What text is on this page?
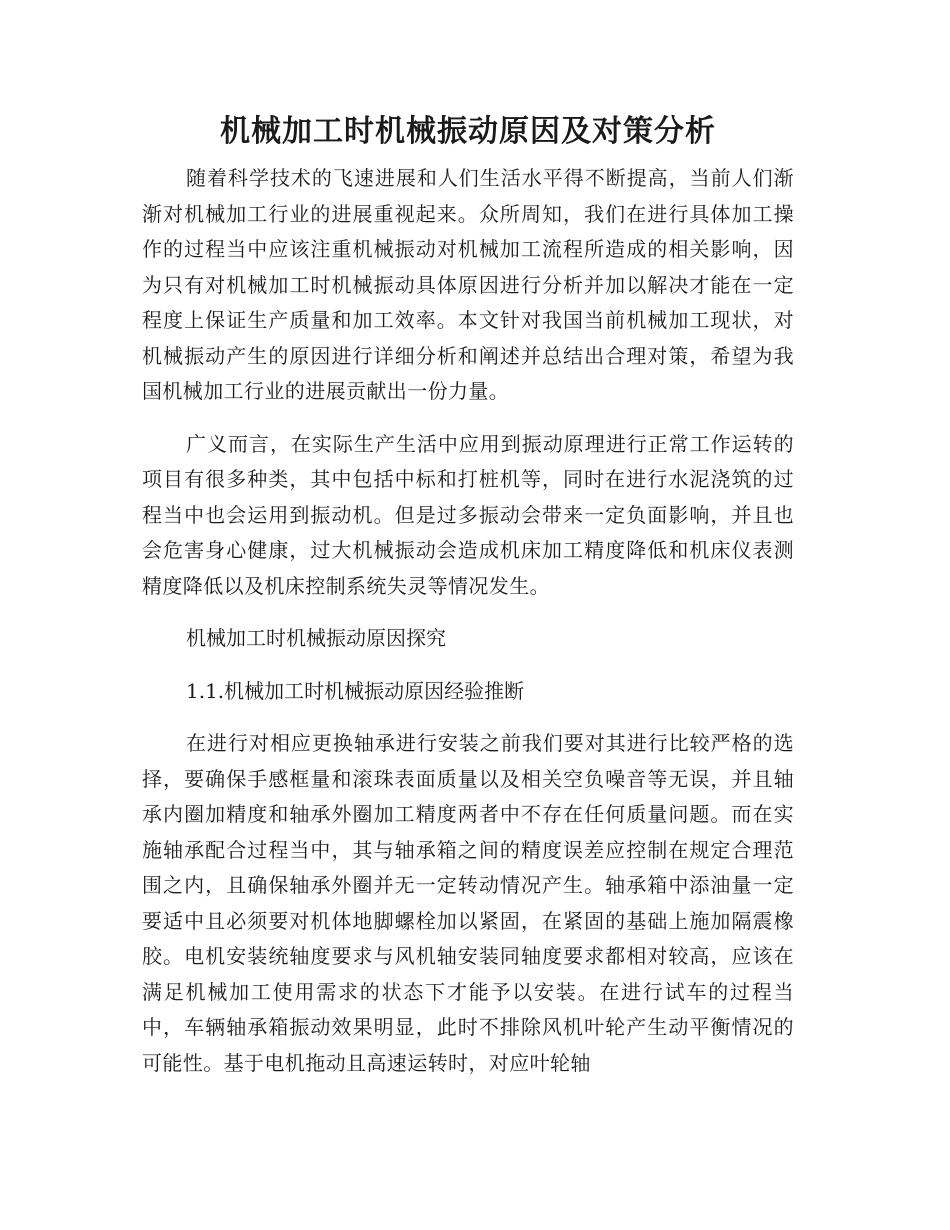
机械加工时机械振动原因及对策分析

随着科学技术的飞速进展和人们生活水平得不断提高，当前人们渐渐对机械加工行业的进展重视起来。众所周知，我们在进行具体加工操作的过程当中应该注重机械振动对机械加工流程所造成的相关影响，因为只有对机械加工时机械振动具体原因进行分析并加以解决才能在一定程度上保证生产质量和加工效率。本文针对我国当前机械加工现状，对机械振动产生的原因进行详细分析和阐述并总结出合理对策，希望为我国机械加工行业的进展贡献出一份力量。

广义而言，在实际生产生活中应用到振动原理进行正常工作运转的项目有很多种类，其中包括中标和打桩机等，同时在进行水泥浇筑的过程当中也会运用到振动机。但是过多振动会带来一定负面影响，并且也会危害身心健康，过大机械振动会造成机床加工精度降低和机床仪表测精度降低以及机床控制系统失灵等情况发生。

机械加工时机械振动原因探究

1.1.机械加工时机械振动原因经验推断

在进行对相应更换轴承进行安装之前我们要对其进行比较严格的选择，要确保手感框量和滚珠表面质量以及相关空负噪音等无误，并且轴承内圈加精度和轴承外圈加工精度两者中不存在任何质量问题。而在实施轴承配合过程当中，其与轴承箱之间的精度误差应控制在规定合理范围之内，且确保轴承外圈并无一定转动情况产生。轴承箱中添油量一定要适中且必须要对机体地脚螺栓加以紧固，在紧固的基础上施加隔震橡胶。电机安装统轴度要求与风机轴安装同轴度要求都相对较高，应该在满足机械加工使用需求的状态下才能予以安装。在进行试车的过程当中，车辆轴承箱振动效果明显，此时不排除风机叶轮产生动平衡情况的可能性。基于电机拖动且高速运转时，对应叶轮轴
